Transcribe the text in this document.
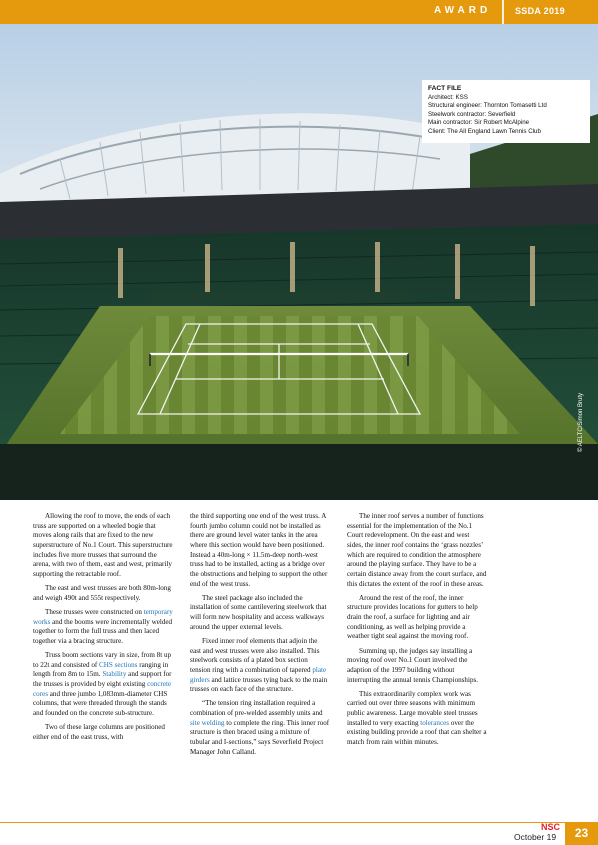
AWARD	SSDA 2019
FACT FILE
Architect: KSS
Structural engineer: Thornton Tomasetti Ltd
Steelwork contractor: Severfield
Main contractor: Sir Robert McAlpine
Client: The All England Lawn Tennis Club
© AELTC/Simon Bruty

Allowing the roof to move, the ends of each truss are supported on a wheeled bogie that moves along rails that are fixed to the new superstructure of No.1 Court. This superstructure includes five more trusses that surround the arena, with two of them, east and west, primarily supporting the retractable roof.

The east and west trusses are both 80m-long and weigh 490t and 555t respectively.

These trusses were constructed on temporary works and the booms were incrementally welded together to form the full truss and then laced together via a bracing structure.

Truss boom sections vary in size, from 8t up to 22t and consisted of CHS sections ranging in length from 8m to 15m. Stability and support for the trusses is provided by eight existing concrete cores and three jumbo 1,083mm-diameter CHS columns, that were threaded through the stands and founded on the concrete sub-structure.

Two of these large columns are positioned either end of the east truss, with

the third supporting one end of the west truss. A fourth jumbo column could not be installed as there are ground level water tanks in the area where this section would have been positioned. Instead a 40m-long × 11.5m-deep north-west truss had to be installed, acting as a bridge over the obstructions and helping to support the other end of the west truss.

The steel package also included the installation of some cantilevering steelwork that will form new hospitality and access walkways around the upper external levels.

Fixed inner roof elements that adjoin the east and west trusses were also installed. This steelwork consists of a plated box section tension ring with a combination of tapered plate girders and lattice trusses tying back to the main trusses on each face of the structure.

“The tension ring installation required a combination of pre-welded assembly units and site welding to complete the ring. This inner roof structure is then braced using a mixture of tubular and I-sections,” says Severfield Project Manager John Calland.

The inner roof serves a number of functions essential for the implementation of the No.1 Court redevelopment. On the east and west sides, the inner roof contains the ‘grass nozzles’ which are required to condition the atmosphere around the playing surface. They have to be a certain distance away from the court surface, and this dictates the extent of the roof in these areas.

Around the rest of the roof, the inner structure provides locations for gutters to help drain the roof, a surface for lighting and air conditioning, as well as helping provide a weather tight seal against the moving roof.

Summing up, the judges say installing a moving roof over No.1 Court involved the adaption of the 1997 building without interrupting the annual tennis Championships.

This extraordinarily complex work was carried out over three seasons with minimum public awareness. Large movable steel trusses installed to very exacting tolerances over the existing building provide a roof that can shelter a match from rain within minutes.

NSC
October 19	23
